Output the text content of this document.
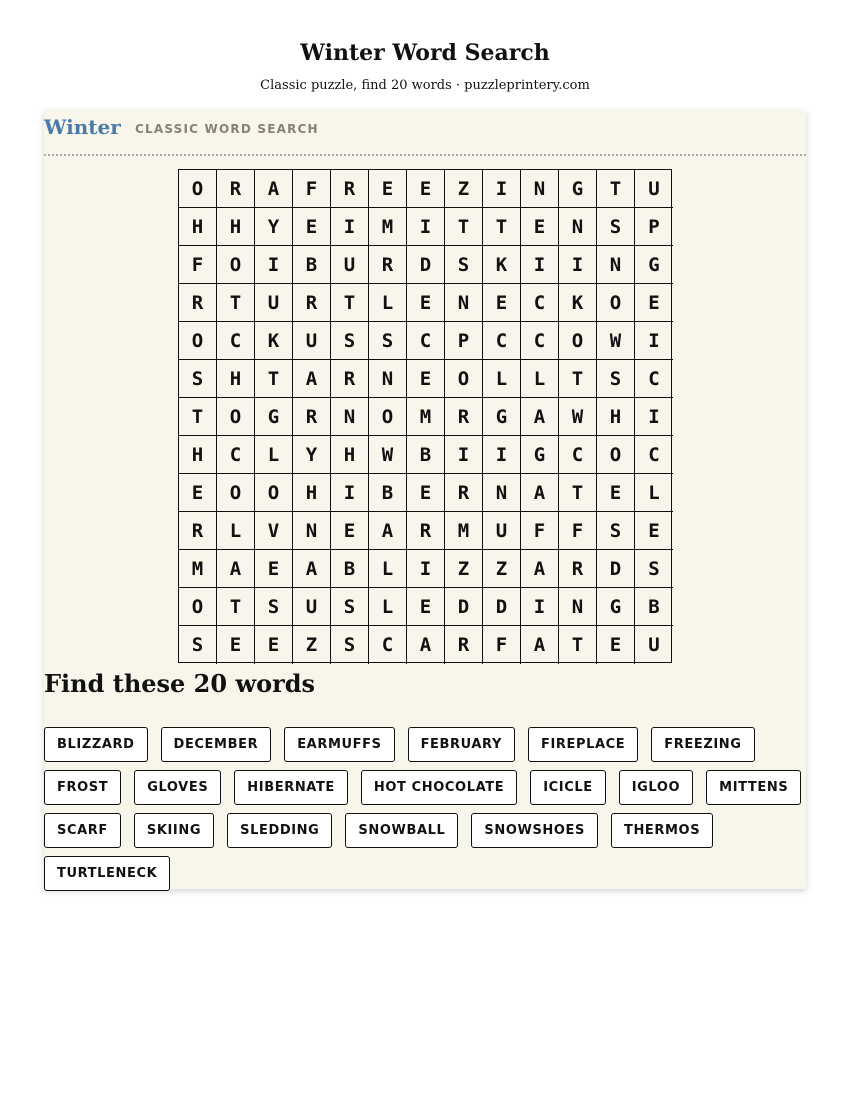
Winter Word Search
Classic puzzle, find 20 words · puzzleprintery.com
Winter CLASSIC WORD SEARCH
O	R	A	F	R	E	E	Z	I	N	G	T	U
H	H	Y	E	I	M	I	T	T	E	N	S	P
F	O	I	B	U	R	D	S	K	I	I	N	G
R	T	U	R	T	L	E	N	E	C	K	O	E
O	C	K	U	S	S	C	P	C	C	O	W	I
S	H	T	A	R	N	E	O	L	L	T	S	C
T	O	G	R	N	O	M	R	G	A	W	H	I
H	C	L	Y	H	W	B	I	I	G	C	O	C
E	O	O	H	I	B	E	R	N	A	T	E	L
R	L	V	N	E	A	R	M	U	F	F	S	E
M	A	E	A	B	L	I	Z	Z	A	R	D	S
O	T	S	U	S	L	E	D	D	I	N	G	B
S	E	E	Z	S	C	A	R	F	A	T	E	U
Find these 20 words
BLIZZARD	DECEMBER	EARMUFFS	FEBRUARY	FIREPLACE	FREEZING
FROST	GLOVES	HIBERNATE	HOT CHOCOLATE	ICICLE	IGLOO	MITTENS
SCARF	SKIING	SLEDDING	SNOWBALL	SNOWSHOES	THERMOS
TURTLENECK
